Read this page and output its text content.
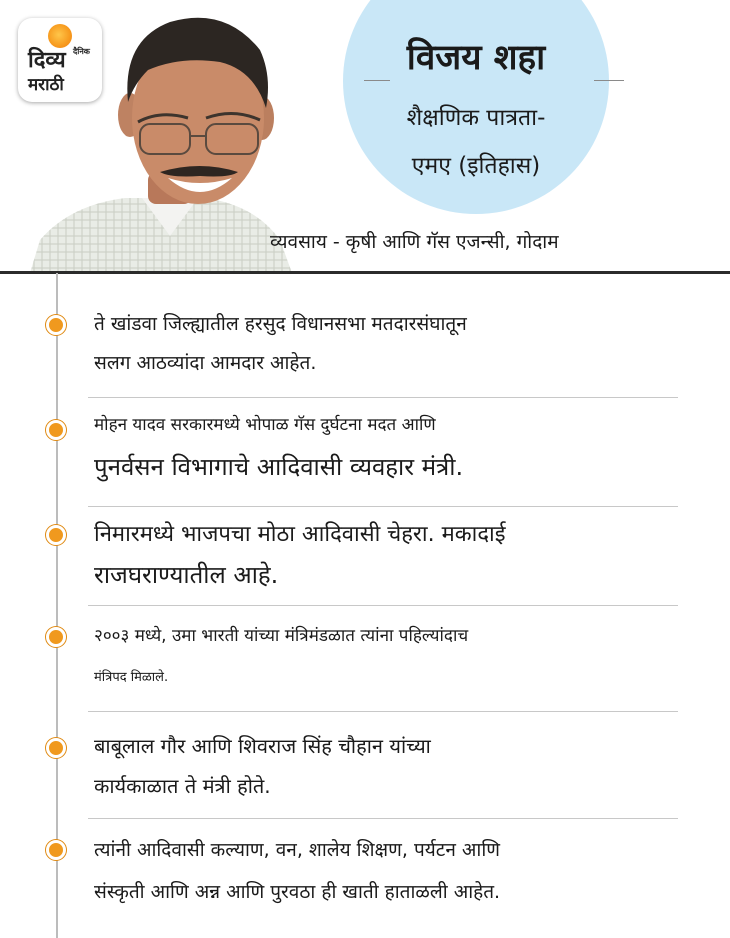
दैनिक
दिव्य
मराठी
विजय शहा
शैक्षणिक पात्रता-
एमए (इतिहास)
व्यवसाय - कृषी आणि गॅस एजन्सी, गोदाम
ते खांडवा जिल्ह्यातील हरसुद विधानसभा मतदारसंघातून
सलग आठव्यांदा आमदार आहेत.
मोहन यादव सरकारमध्ये भोपाळ गॅस दुर्घटना मदत आणि
पुनर्वसन विभागाचे आदिवासी व्यवहार मंत्री.
निमारमध्ये भाजपचा मोठा आदिवासी चेहरा. मकादाई
राजघराण्यातील आहे.
२००३ मध्ये, उमा भारती यांच्या मंत्रिमंडळात त्यांना पहिल्यांदाच
मंत्रिपद मिळाले.
बाबूलाल गौर आणि शिवराज सिंह चौहान यांच्या
कार्यकाळात ते मंत्री होते.
त्यांनी आदिवासी कल्याण, वन, शालेय शिक्षण, पर्यटन आणि
संस्कृती आणि अन्न आणि पुरवठा ही खाती हाताळली आहेत.
